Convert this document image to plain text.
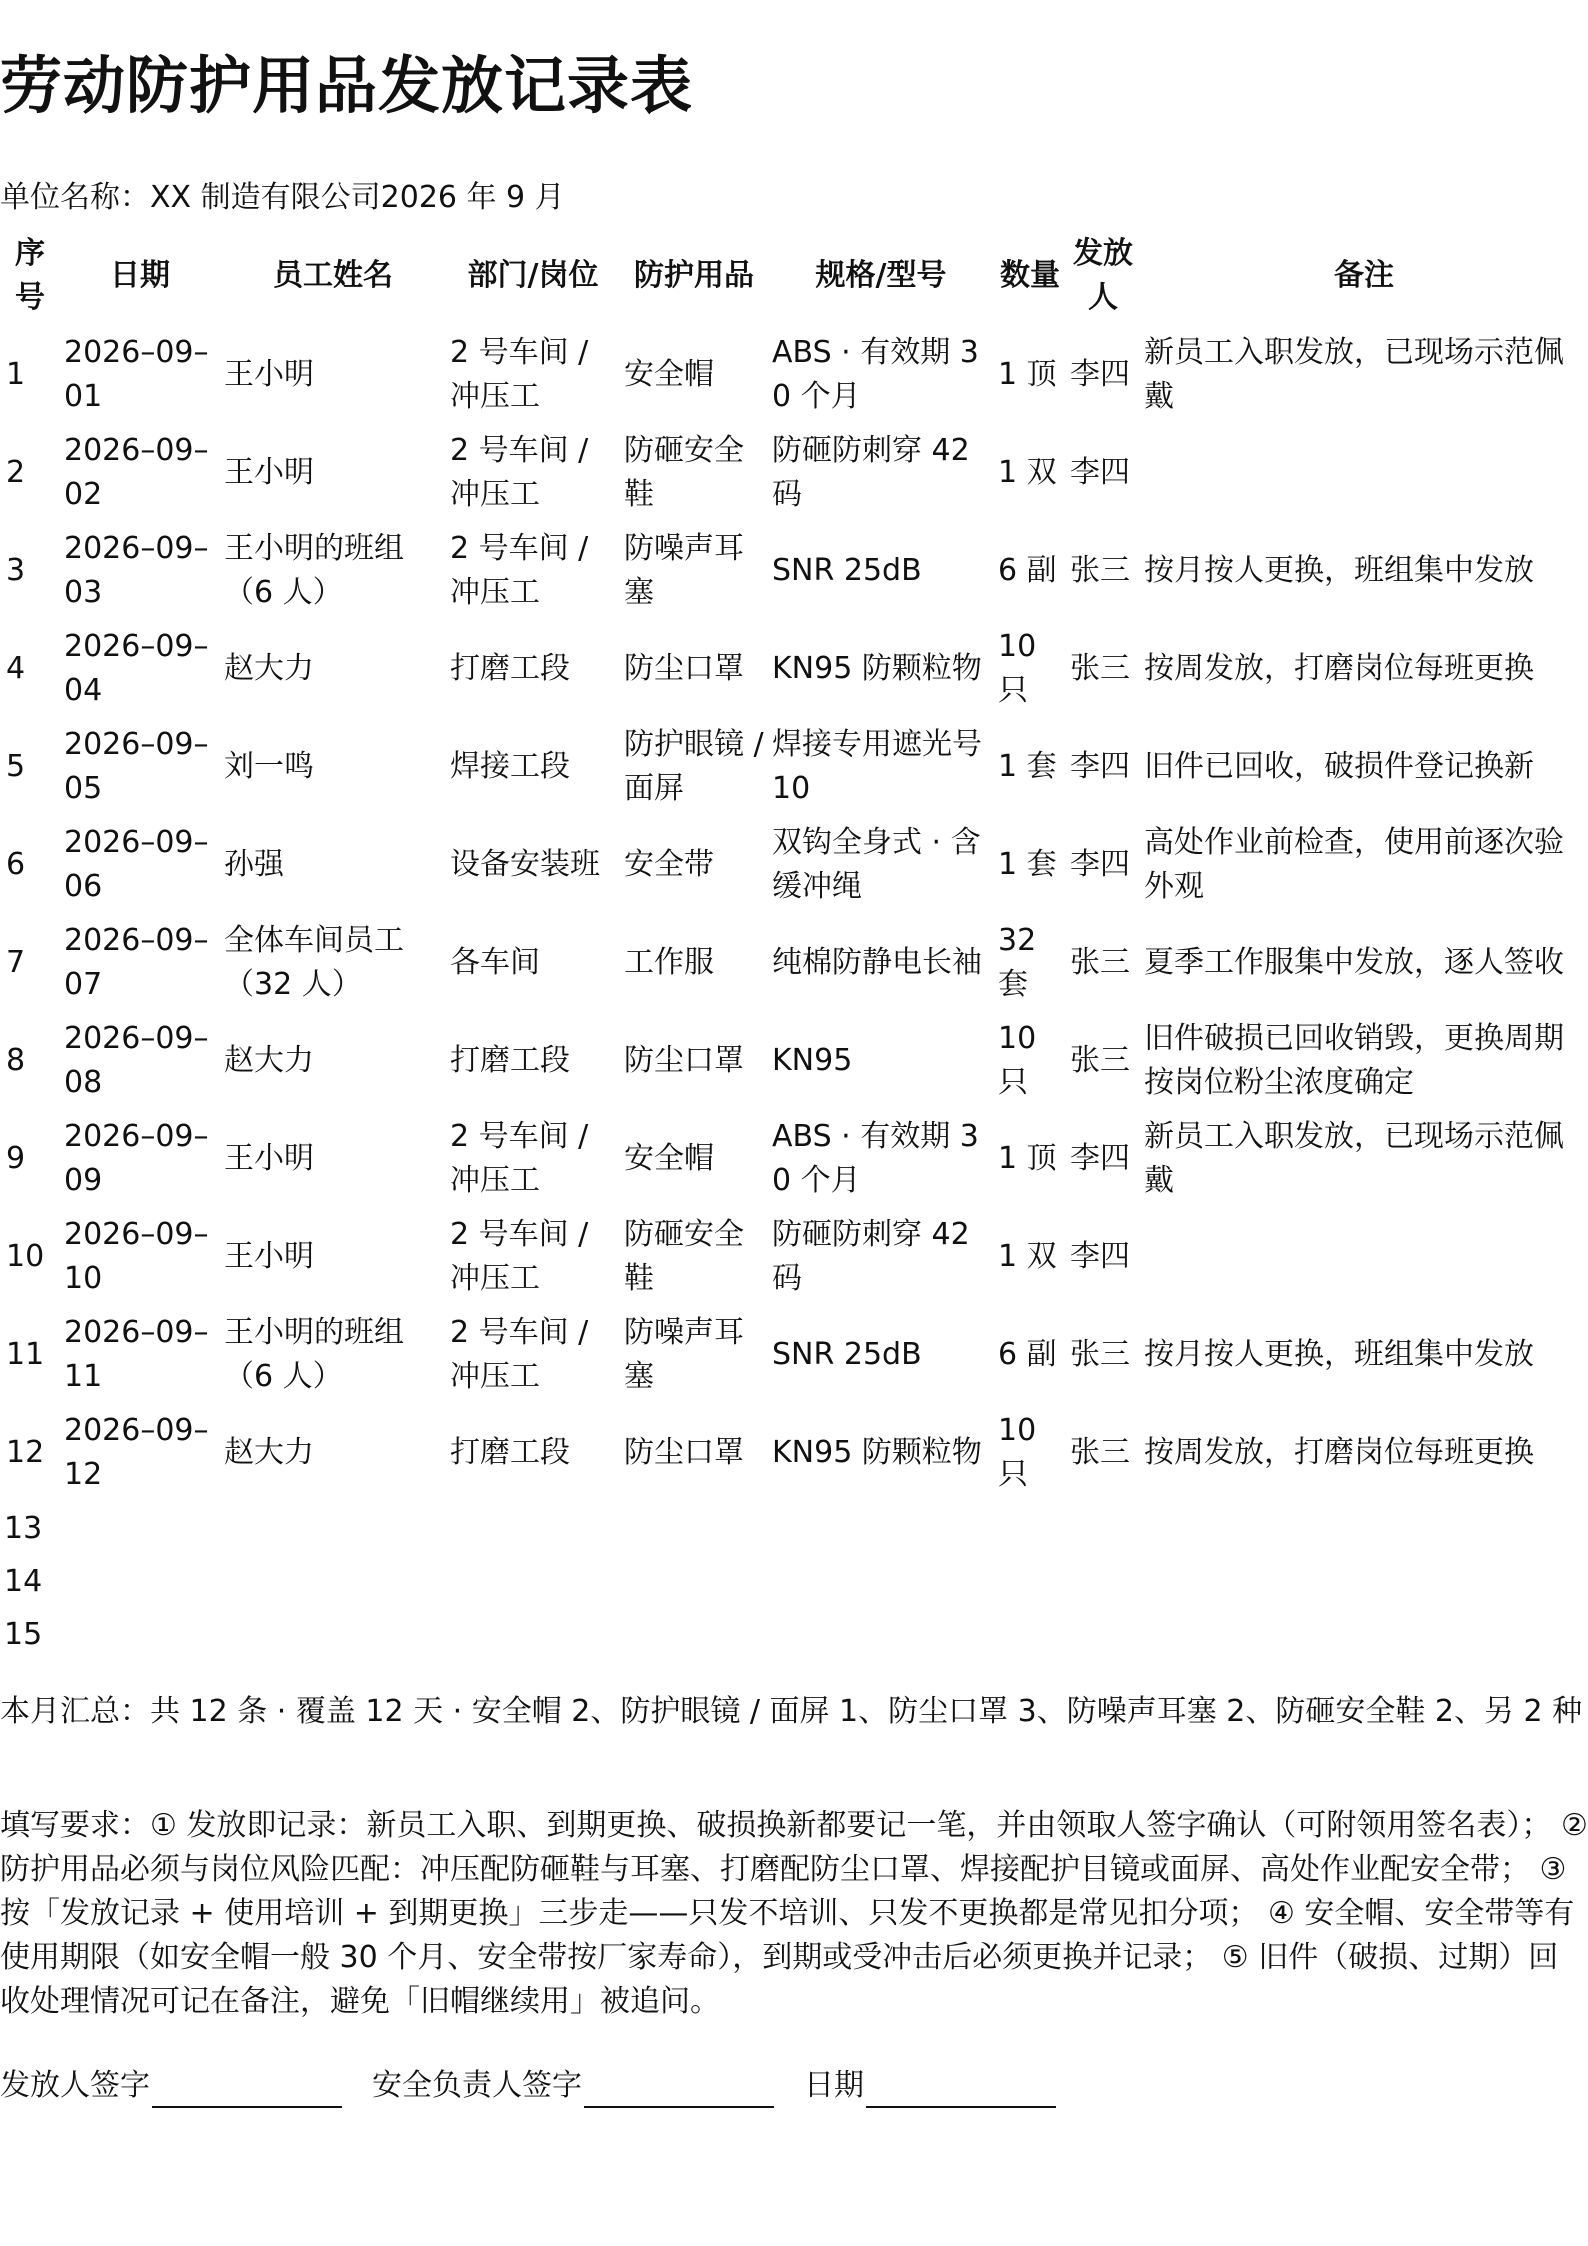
劳动防护用品发放记录表
单位名称：XX 制造有限公司2026 年 9 月
序号	日期	员工姓名	部门/岗位	防护用品	规格/型号	数量	发放人	备注
1	2026–09–01	王小明	2 号车间 / 冲压工	安全帽	ABS · 有效期 30 个月	1 顶	李四	新员工入职发放，已现场示范佩戴
2	2026–09–02	王小明	2 号车间 / 冲压工	防砸安全鞋	防砸防刺穿 42 码	1 双	李四	
3	2026–09–03	王小明的班组（6 人）	2 号车间 / 冲压工	防噪声耳塞	SNR 25dB	6 副	张三	按月按人更换，班组集中发放
4	2026–09–04	赵大力	打磨工段	防尘口罩	KN95 防颗粒物	10 只	张三	按周发放，打磨岗位每班更换
5	2026–09–05	刘一鸣	焊接工段	防护眼镜 / 面屏	焊接专用遮光号 10	1 套	李四	旧件已回收，破损件登记换新
6	2026–09–06	孙强	设备安装班	安全带	双钩全身式 · 含缓冲绳	1 套	李四	高处作业前检查，使用前逐次验外观
7	2026–09–07	全体车间员工（32 人）	各车间	工作服	纯棉防静电长袖	32 套	张三	夏季工作服集中发放，逐人签收
8	2026–09–08	赵大力	打磨工段	防尘口罩	KN95	10 只	张三	旧件破损已回收销毁，更换周期按岗位粉尘浓度确定
9	2026–09–09	王小明	2 号车间 / 冲压工	安全帽	ABS · 有效期 30 个月	1 顶	李四	新员工入职发放，已现场示范佩戴
10	2026–09–10	王小明	2 号车间 / 冲压工	防砸安全鞋	防砸防刺穿 42 码	1 双	李四	
11	2026–09–11	王小明的班组（6 人）	2 号车间 / 冲压工	防噪声耳塞	SNR 25dB	6 副	张三	按月按人更换，班组集中发放
12	2026–09–12	赵大力	打磨工段	防尘口罩	KN95 防颗粒物	10 只	张三	按周发放，打磨岗位每班更换
13								
14								
15								
本月汇总：共 12 条 · 覆盖 12 天 · 安全帽 2、防护眼镜 / 面屏 1、防尘口罩 3、防噪声耳塞 2、防砸安全鞋 2、另 2 种

填写要求：① 发放即记录：新员工入职、到期更换、破损换新都要记一笔，并由领取人签字确认（可附领用签名表）； ② 防护用品必须与岗位风险匹配：冲压配防砸鞋与耳塞、打磨配防尘口罩、焊接配护目镜或面屏、高处作业配安全带； ③ 按「发放记录 + 使用培训 + 到期更换」三步走——只发不培训、只发不更换都是常见扣分项； ④ 安全帽、安全带等有使用期限（如安全帽一般 30 个月、安全带按厂家寿命），到期或受冲击后必须更换并记录； ⑤ 旧件（破损、过期）回收处理情况可记在备注，避免「旧帽继续用」被追问。

发放人签字	安全负责人签字	日期
